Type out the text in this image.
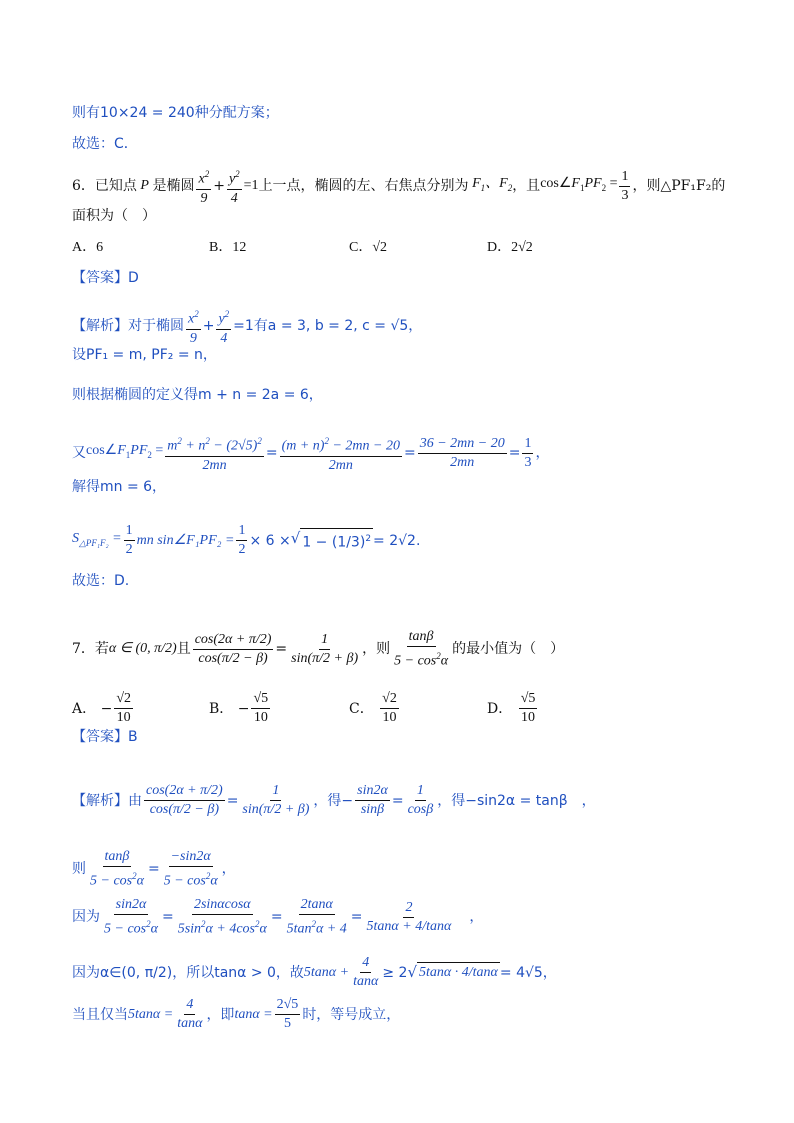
则有10×24 = 240种分配方案；
故选：C．
6．已知点 P 是椭圆 $\frac{x^2}{9} + \frac{y^2}{4} =1$ 上一点，椭圆的左、右焦点分别为 $F_1$、$F_2$ ，且 $\cos\angle F_1PF_2 = \frac{1}{3}$ ，则△PF₁F₂的
面积为（　）
A．6	B．12	C．√2	D．2√2
【答案】D
【解析】 对于椭圆 $\frac{x^2}{9} + \frac{y^2}{4} =1$ 有a = 3, b = 2, c = √5，
设PF₁ = m, PF₂ = n，
则根据椭圆的定义得m + n = 2a = 6，
又 $\cos\angle F_1PF_2 = \frac{m^2 + n^2 - (2√5)^2}{2mn} = \frac{(m + n)^2 - 2mn - 20}{2mn} = \frac{36 - 2mn - 20}{2mn} = \frac{1}{3}$ ，
解得mn = 6，
$S_{\triangle PF_1F_2} = \frac{1}{2}$ mn sin∠F₁PF₂ = $\frac{1}{2} \times 6$ × √ $1 - (1/3)^2 = 2√2$.
故选：D.
7．若 α ∈ (0, π/2) 且 $\frac{\cos(2\alpha + \pi/2)}{\cos(\pi/2 - \beta)} = \frac{1}{\sin(\pi/2 + \beta)}$ ，则 $\frac{\tan\beta}{5 - \cos^2\alpha}$ 的最小值为（　）
A． − $\frac{√2}{10}$	B． − $\frac{√5}{10}$	C．
$\frac{√2}{10}$	D．
$\frac{√5}{10}$
【答案】B
【解析】 由 $\frac{\cos(2\alpha + \pi/2)}{\cos(\pi/2 - \beta)} = \frac{1}{\sin(\pi/2 + \beta)}$ ，得 − $\frac{\sin 2\alpha}{\sin\beta} = \frac{1}{\cos\beta}$ ，得−sin2α = tanβ　，
则 $\frac{\tan\beta}{5 - \cos^2\alpha} = \frac{-\sin 2\alpha}{5 - \cos^2\alpha}$ ，
因为 $\frac{\sin 2\alpha}{5 - \cos^2\alpha} = \frac{2\sin\alpha\cos\alpha}{5\sin^2\alpha + 4\cos^2\alpha} = \frac{2\tan\alpha}{5\tan^2\alpha + 4} = \frac{2}{5\tan\alpha + 4/\tan\alpha}$ 　，
因为α∈(0, π/2)，所以tanα > 0，故 $5\tan\alpha + \frac{4}{\tan\alpha} \ge 2$ √ 5tanα · 4/tanα = 4√5，
当且仅当 $5\tan\alpha = \frac{4}{\tan\alpha}$ ，即 $\tan\alpha = \frac{2√5}{5}$ 时，等号成立，
